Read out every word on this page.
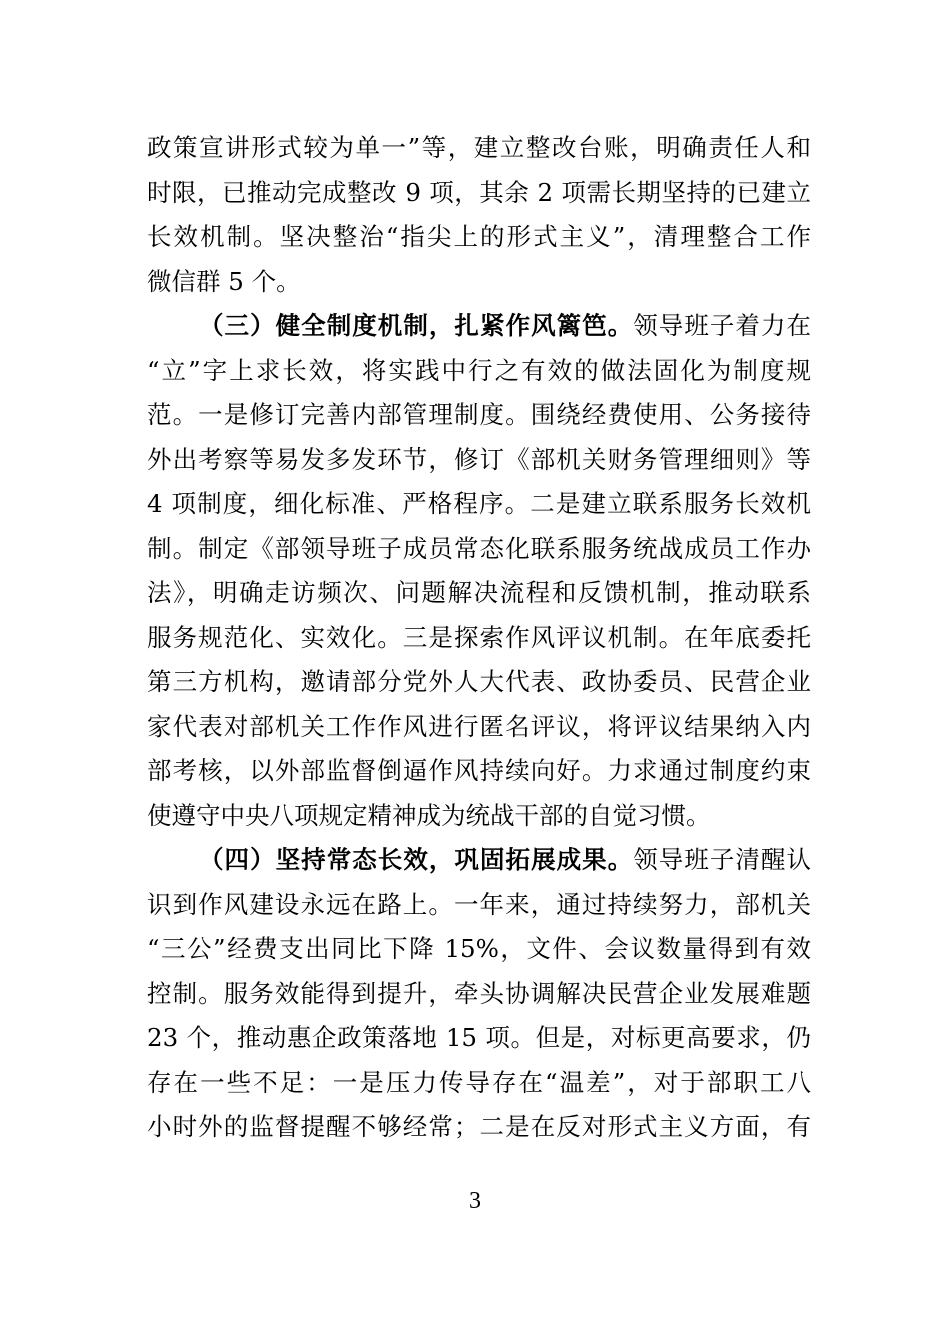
政策宣讲形式较为单一”等，建立整改台账，明确责任人和
时限，已推动完成整改 9 项，其余 2 项需长期坚持的已建立
长效机制。坚决整治“指尖上的形式主义”，清理整合工作
微信群 5 个。
（三）健全制度机制，扎紧作风篱笆。领导班子着力在
“立”字上求长效，将实践中行之有效的做法固化为制度规
范。一是修订完善内部管理制度。围绕经费使用、公务接待
外出考察等易发多发环节，修订《部机关财务管理细则》等
4 项制度，细化标准、严格程序。二是建立联系服务长效机
制。制定《部领导班子成员常态化联系服务统战成员工作办
法》，明确走访频次、问题解决流程和反馈机制，推动联系
服务规范化、实效化。三是探索作风评议机制。在年底委托
第三方机构，邀请部分党外人大代表、政协委员、民营企业
家代表对部机关工作作风进行匿名评议，将评议结果纳入内
部考核，以外部监督倒逼作风持续向好。力求通过制度约束
使遵守中央八项规定精神成为统战干部的自觉习惯。
（四）坚持常态长效，巩固拓展成果。领导班子清醒认
识到作风建设永远在路上。一年来，通过持续努力，部机关
“三公”经费支出同比下降 15%，文件、会议数量得到有效
控制。服务效能得到提升，牵头协调解决民营企业发展难题
23 个，推动惠企政策落地 15 项。但是，对标更高要求，仍
存在一些不足：一是压力传导存在“温差”，对于部职工八
小时外的监督提醒不够经常；二是在反对形式主义方面，有
3
